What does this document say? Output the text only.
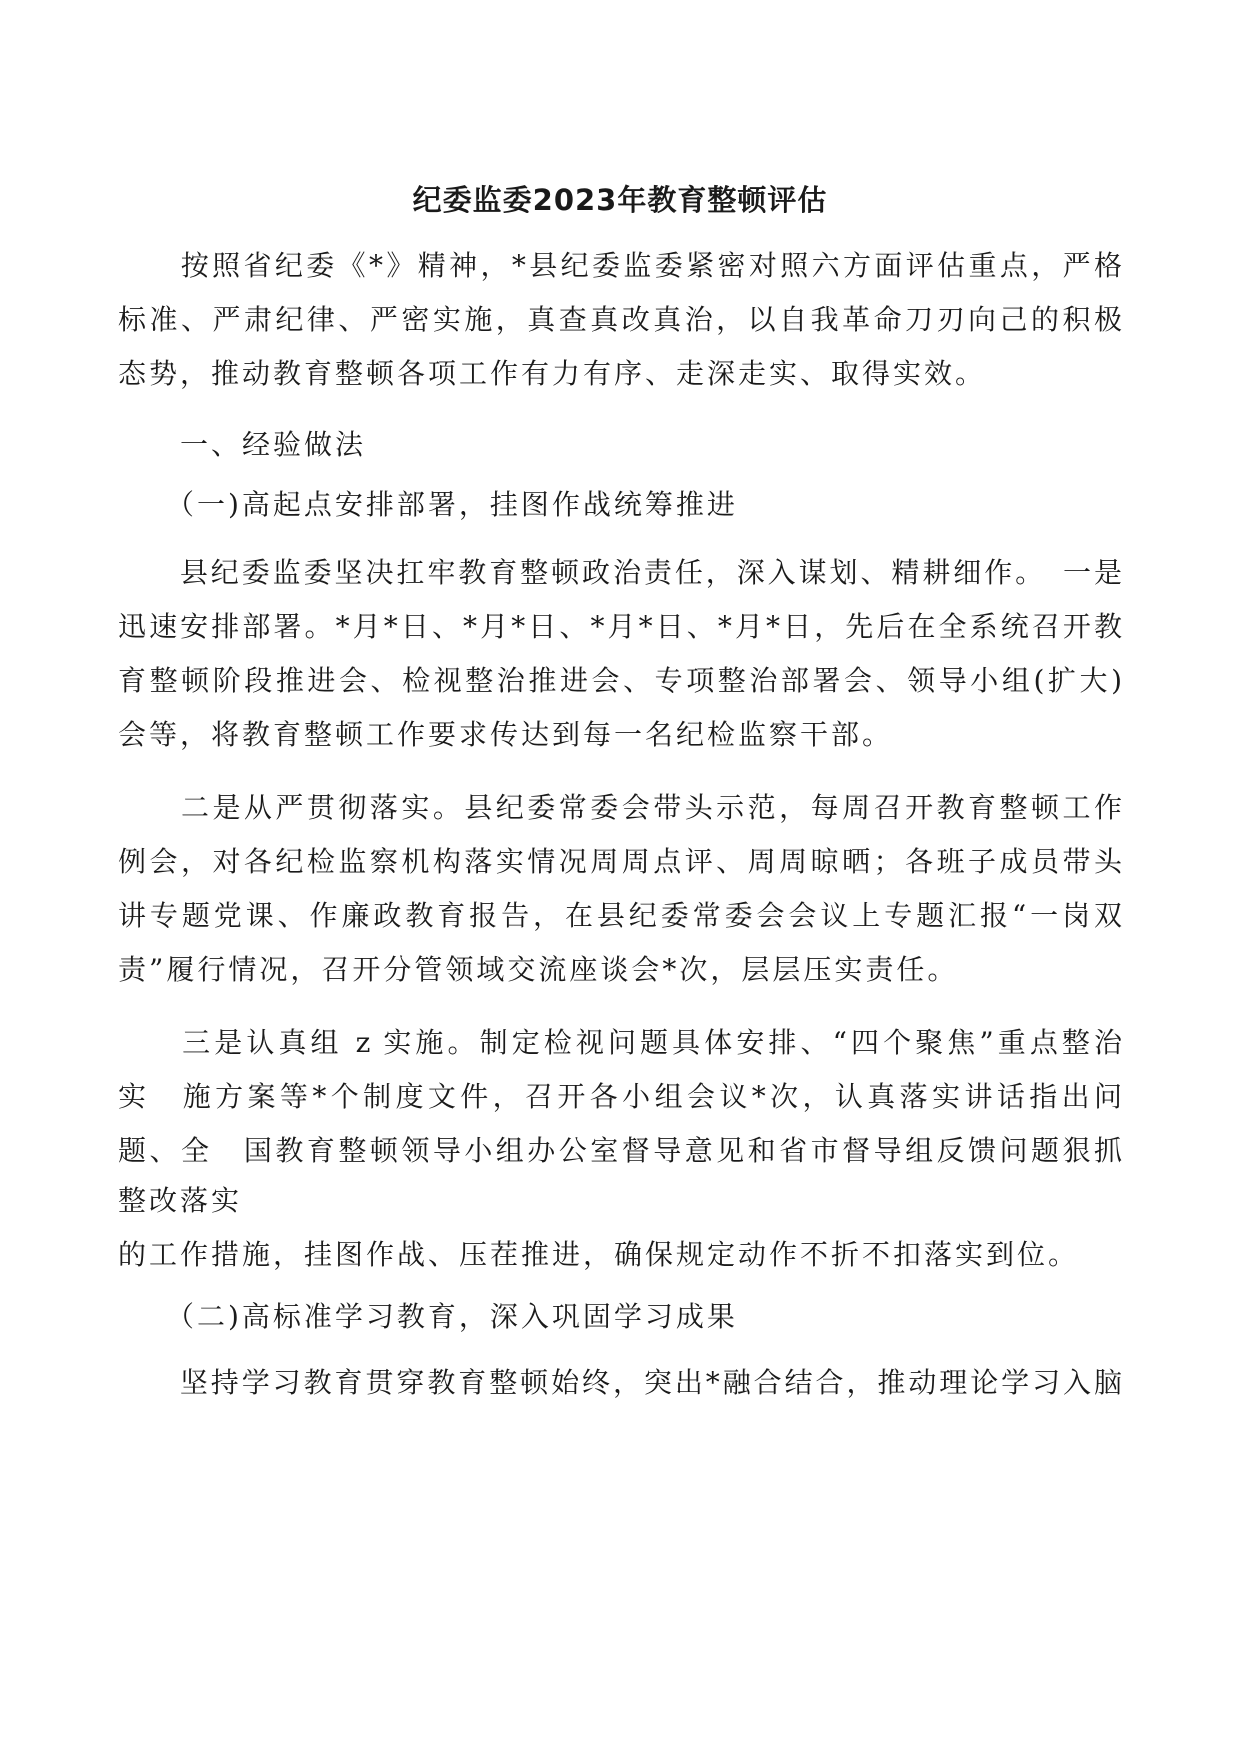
纪委监委2023年教育整顿评估
　　按照省纪委《*》精神，*县纪委监委紧密对照六方面评估重点，严格
标准、严肃纪律、严密实施，真查真改真治，以自我革命刀刃向己的积极
态势，推动教育整顿各项工作有力有序、走深走实、取得实效。
　　一、经验做法
　　（一)高起点安排部署，挂图作战统筹推进
　　县纪委监委坚决扛牢教育整顿政治责任，深入谋划、精耕细作。　一是
迅速安排部署。*月*日、*月*日、*月*日、*月*日，先后在全系统召开教
育整顿阶段推进会、检视整治推进会、专项整治部署会、领导小组(扩大)
会等，将教育整顿工作要求传达到每一名纪检监察干部。
　　二是从严贯彻落实。县纪委常委会带头示范，每周召开教育整顿工作
例会，对各纪检监察机构落实情况周周点评、周周晾晒；各班子成员带头
讲专题党课、作廉政教育报告，在县纪委常委会会议上专题汇报“一岗双
责”履行情况，召开分管领域交流座谈会*次，层层压实责任。
　　三是认真组 z 实施。制定检视问题具体安排、“四个聚焦”重点整治
实　施方案等*个制度文件，召开各小组会议*次，认真落实讲话指出问
题、全　国教育整顿领导小组办公室督导意见和省市督导组反馈问题狠抓
整改落实
的工作措施，挂图作战、压茬推进，确保规定动作不折不扣落实到位。
　　（二)高标准学习教育，深入巩固学习成果
　　坚持学习教育贯穿教育整顿始终，突出*融合结合，推动理论学习入脑
